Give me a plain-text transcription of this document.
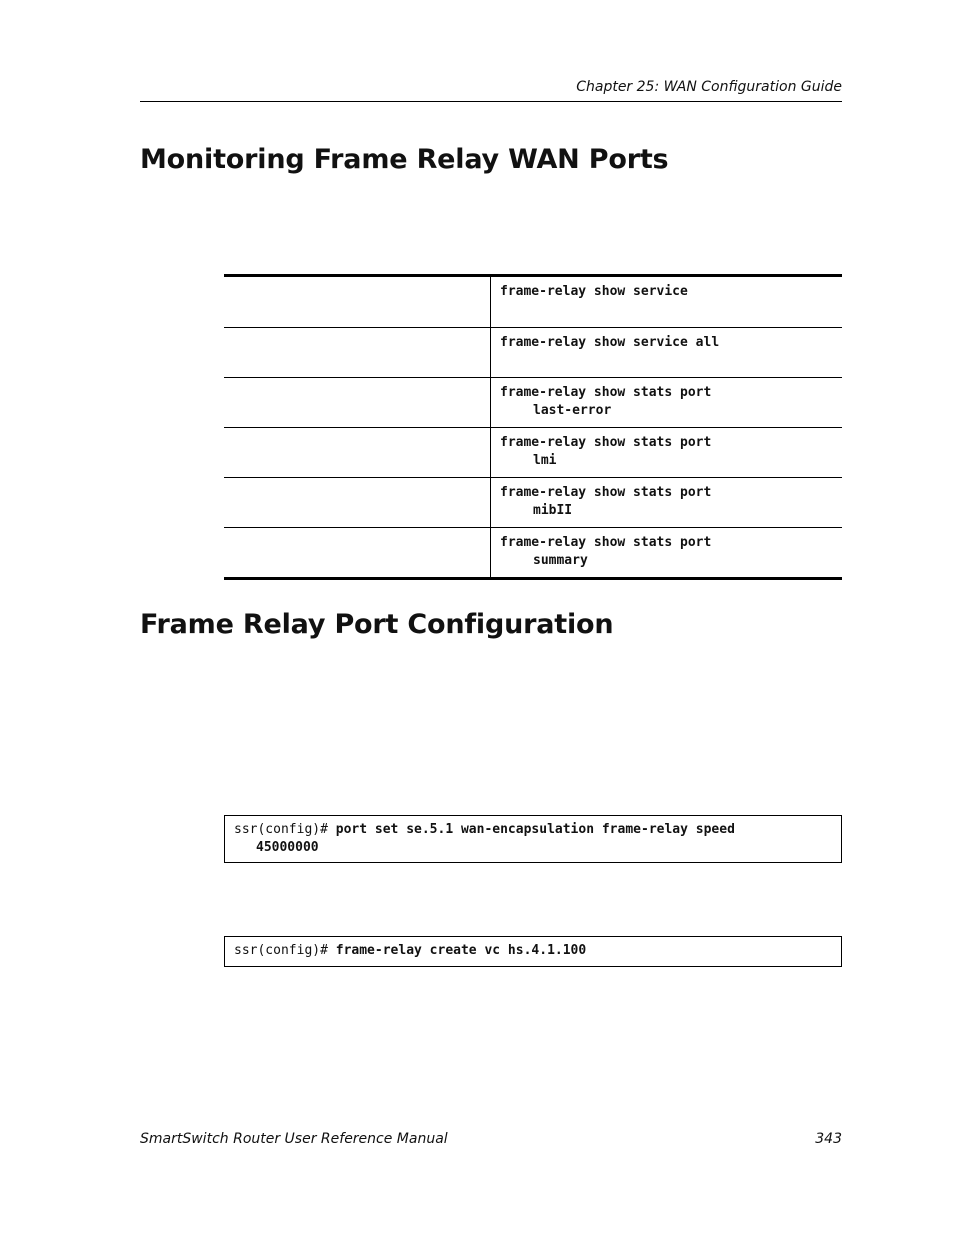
Chapter 25: WAN Configuration Guide
Monitoring Frame Relay WAN Ports
frame-relay show service
frame-relay show service all
frame-relay show stats port
last-error
frame-relay show stats port
lmi
frame-relay show stats port
mibII
frame-relay show stats port
summary
Frame Relay Port Configuration
ssr(config)# port set se.5.1 wan-encapsulation frame-relay speed
45000000
ssr(config)# frame-relay create vc hs.4.1.100
SmartSwitch Router User Reference Manual	343
